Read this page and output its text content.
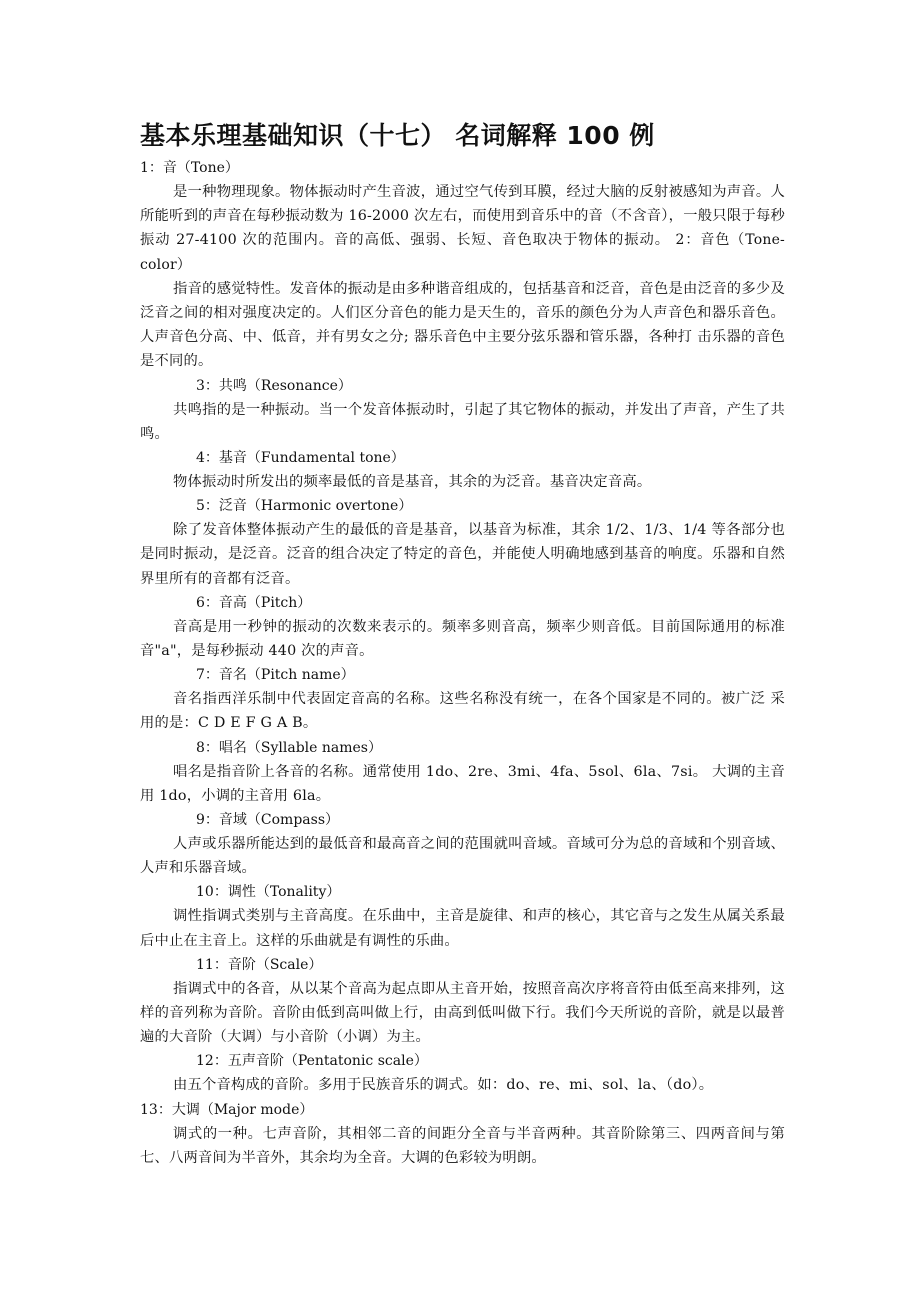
基本乐理基础知识（十七） 名词解释 100 例

1：音（Tone）

是一种物理现象。物体振动时产生音波，通过空气传到耳膜，经过大脑的反射被感知为声音。人所能听到的声音在每秒振动数为 16-2000 次左右，而使用到音乐中的音（不含音），一般只限于每秒振动 27-4100 次的范围内。音的高低、强弱、长短、音色取决于物体的振动。 2：音色（Tone-color）

指音的感觉特性。发音体的振动是由多种谐音组成的，包括基音和泛音，音色是由泛音的多少及泛音之间的相对强度决定的。人们区分音色的能力是天生的，音乐的颜色分为人声音色和器乐音色。人声音色分高、中、低音，并有男女之分; 器乐音色中主要分弦乐器和管乐器，各种打 击乐器的音色是不同的。

3：共鸣（Resonance）

共鸣指的是一种振动。当一个发音体振动时，引起了其它物体的振动，并发出了声音，产生了共鸣。

4：基音（Fundamental tone）

物体振动时所发出的频率最低的音是基音，其余的为泛音。基音决定音高。

5：泛音（Harmonic overtone）

除了发音体整体振动产生的最低的音是基音，以基音为标准，其余 1/2、1/3、1/4 等各部分也 是同时振动，是泛音。泛音的组合决定了特定的音色，并能使人明确地感到基音的响度。乐器和自然界里所有的音都有泛音。

6：音高（Pitch）

音高是用一秒钟的振动的次数来表示的。频率多则音高，频率少则音低。目前国际通用的标准音"a"，是每秒振动 440 次的声音。

7：音名（Pitch name）

音名指西洋乐制中代表固定音高的名称。这些名称没有统一，在各个国家是不同的。被广泛 采用的是：C D E F G A B。

8：唱名（Syllable names）

唱名是指音阶上各音的名称。通常使用 1do、2re、3mi、4fa、5sol、6la、7si。 大调的主音用 1do，小调的主音用 6la。

9：音域（Compass）

人声或乐器所能达到的最低音和最高音之间的范围就叫音域。音域可分为总的音域和个别音域、人声和乐器音域。

10：调性（Tonality）

调性指调式类别与主音高度。在乐曲中，主音是旋律、和声的核心，其它音与之发生从属关系最后中止在主音上。这样的乐曲就是有调性的乐曲。

11：音阶（Scale）

指调式中的各音，从以某个音高为起点即从主音开始，按照音高次序将音符由低至高来排列，这样的音列称为音阶。音阶由低到高叫做上行，由高到低叫做下行。我们今天所说的音阶，就是以最普遍的大音阶（大调）与小音阶（小调）为主。

12：五声音阶（Pentatonic scale）

由五个音构成的音阶。多用于民族音乐的调式。如：do、re、mi、sol、la、（do）。

13：大调（Major mode）

调式的一种。七声音阶，其相邻二音的间距分全音与半音两种。其音阶除第三、四两音间与第七、八两音间为半音外，其余均为全音。大调的色彩较为明朗。
